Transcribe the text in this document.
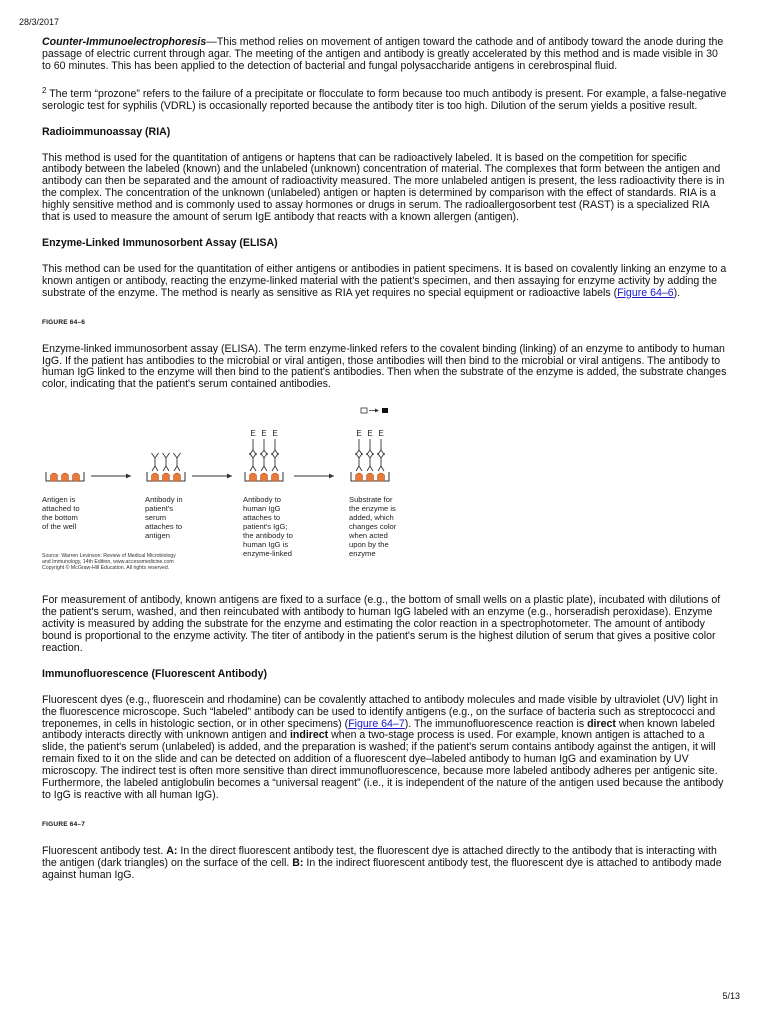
28/3/2017

Counter-Immunoelectrophoresis—This method relies on movement of antigen toward the cathode and of antibody toward the anode during the passage of electric current through agar. The meeting of the antigen and antibody is greatly accelerated by this method and is made visible in 30 to 60 minutes. This has been applied to the detection of bacterial and fungal polysaccharide antigens in cerebrospinal fluid.

$^2$ The term “prozone” refers to the failure of a precipitate or flocculate to form because too much antibody is present. For example, a false-negative serologic test for syphilis (VDRL) is occasionally reported because the antibody titer is too high. Dilution of the serum yields a positive result.

Radioimmunoassay (RIA)

This method is used for the quantitation of antigens or haptens that can be radioactively labeled. It is based on the competition for specific antibody between the labeled (known) and the unlabeled (unknown) concentration of material. The complexes that form between the antigen and antibody can then be separated and the amount of radioactivity measured. The more unlabeled antigen is present, the less radioactivity there is in the complex. The concentration of the unknown (unlabeled) antigen or hapten is determined by comparison with the effect of standards. RIA is a highly sensitive method and is commonly used to assay hormones or drugs in serum. The radioallergosorbent test (RAST) is a specialized RIA that is used to measure the amount of serum IgE antibody that reacts with a known allergen (antigen).

Enzyme-Linked Immunosorbent Assay (ELISA)

This method can be used for the quantitation of either antigens or antibodies in patient specimens. It is based on covalently linking an enzyme to a known antigen or antibody, reacting the enzyme-linked material with the patient's specimen, and then assaying for enzyme activity by adding the substrate of the enzyme. The method is nearly as sensitive as RIA yet requires no special equipment or radioactive labels (Figure 64–6).

FIGURE 64–6

Enzyme-linked immunosorbent assay (ELISA). The term enzyme-linked refers to the covalent binding (linking) of an enzyme to antibody to human IgG. If the patient has antibodies to the microbial or viral antigen, those antibodies will then bind to the microbial or viral antigens. The antibody to human IgG linked to the enzyme will then bind to the patient's antibodies. Then when the substrate of the enzyme is added, the substrate changes color, indicating that the patient's serum contained antibodies.

E E E	E E E
Antigen is
attached to
the bottom
of the well
Antibody in
patient's
serum
attaches to
antigen
Antibody to
human IgG
attaches to
patient's IgG;
the antibody to
human IgG is
enzyme-linked
Substrate for
the enzyme is
added, which
changes color
when acted
upon by the
enzyme
Source: Warren Levinson: Review of Medical Microbiology
and Immunology, 14th Edition, www.accessmedicine.com
Copyright © McGraw-Hill Education. All rights reserved.

For measurement of antibody, known antigens are fixed to a surface (e.g., the bottom of small wells on a plastic plate), incubated with dilutions of the patient's serum, washed, and then reincubated with antibody to human IgG labeled with an enzyme (e.g., horseradish peroxidase). Enzyme activity is measured by adding the substrate for the enzyme and estimating the color reaction in a spectrophotometer. The amount of antibody bound is proportional to the enzyme activity. The titer of antibody in the patient's serum is the highest dilution of serum that gives a positive color reaction.

Immunofluorescence (Fluorescent Antibody)

Fluorescent dyes (e.g., fluorescein and rhodamine) can be covalently attached to antibody molecules and made visible by ultraviolet (UV) light in the fluorescence microscope. Such “labeled” antibody can be used to identify antigens (e.g., on the surface of bacteria such as streptococci and treponemes, in cells in histologic section, or in other specimens) (Figure 64–7). The immunofluorescence reaction is direct when known labeled antibody interacts directly with unknown antigen and indirect when a two-stage process is used. For example, known antigen is attached to a slide, the patient's serum (unlabeled) is added, and the preparation is washed; if the patient's serum contains antibody against the antigen, it will remain fixed to it on the slide and can be detected on addition of a fluorescent dye–labeled antibody to human IgG and examination by UV microscopy. The indirect test is often more sensitive than direct immunofluorescence, because more labeled antibody adheres per antigenic site. Furthermore, the labeled antiglobulin becomes a “universal reagent” (i.e., it is independent of the nature of the antigen used because the antibody to IgG is reactive with all human IgG).

FIGURE 64–7

Fluorescent antibody test. A: In the direct fluorescent antibody test, the fluorescent dye is attached directly to the antibody that is interacting with the antigen (dark triangles) on the surface of the cell. B: In the indirect fluorescent antibody test, the fluorescent dye is attached to antibody made against human IgG.

5/13
